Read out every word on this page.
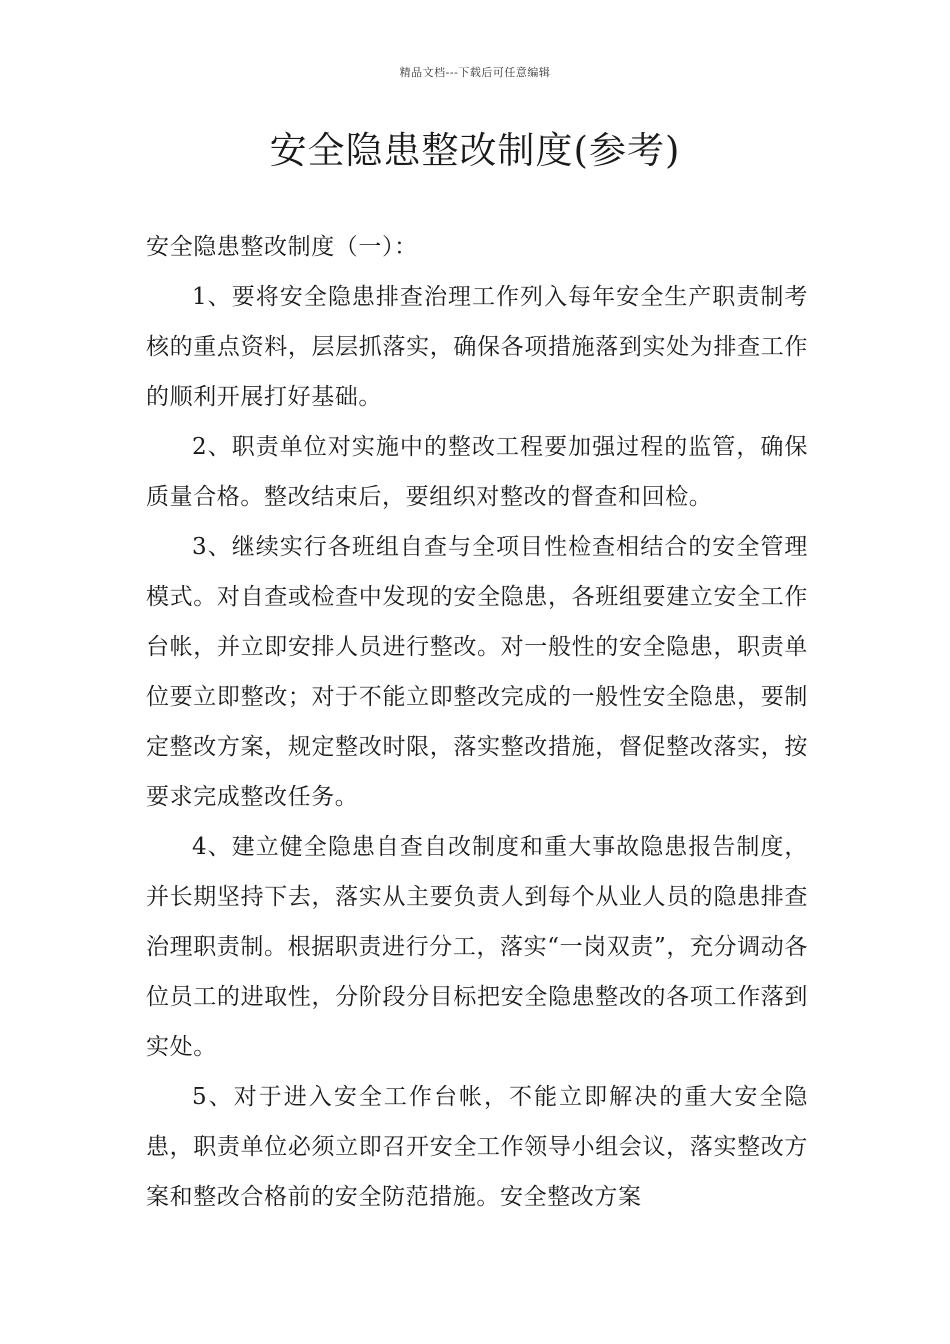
精品文档---下载后可任意编辑
安全隐患整改制度(参考)

安全隐患整改制度（一）：

1、要将安全隐患排查治理工作列入每年安全生产职责制考核的重点资料，层层抓落实，确保各项措施落到实处为排查工作的顺利开展打好基础。

2、职责单位对实施中的整改工程要加强过程的监管，确保质量合格。整改结束后，要组织对整改的督查和回检。

3、继续实行各班组自查与全项目性检查相结合的安全管理模式。对自查或检查中发现的安全隐患，各班组要建立安全工作台帐，并立即安排人员进行整改。对一般性的安全隐患，职责单位要立即整改；对于不能立即整改完成的一般性安全隐患，要制定整改方案，规定整改时限，落实整改措施，督促整改落实，按要求完成整改任务。

4、建立健全隐患自查自改制度和重大事故隐患报告制度，并长期坚持下去，落实从主要负责人到每个从业人员的隐患排查治理职责制。根据职责进行分工，落实“一岗双责”，充分调动各位员工的进取性，分阶段分目标把安全隐患整改的各项工作落到实处。

5、对于进入安全工作台帐，不能立即解决的重大安全隐患，职责单位必须立即召开安全工作领导小组会议，落实整改方案和整改合格前的安全防范措施。安全整改方案
